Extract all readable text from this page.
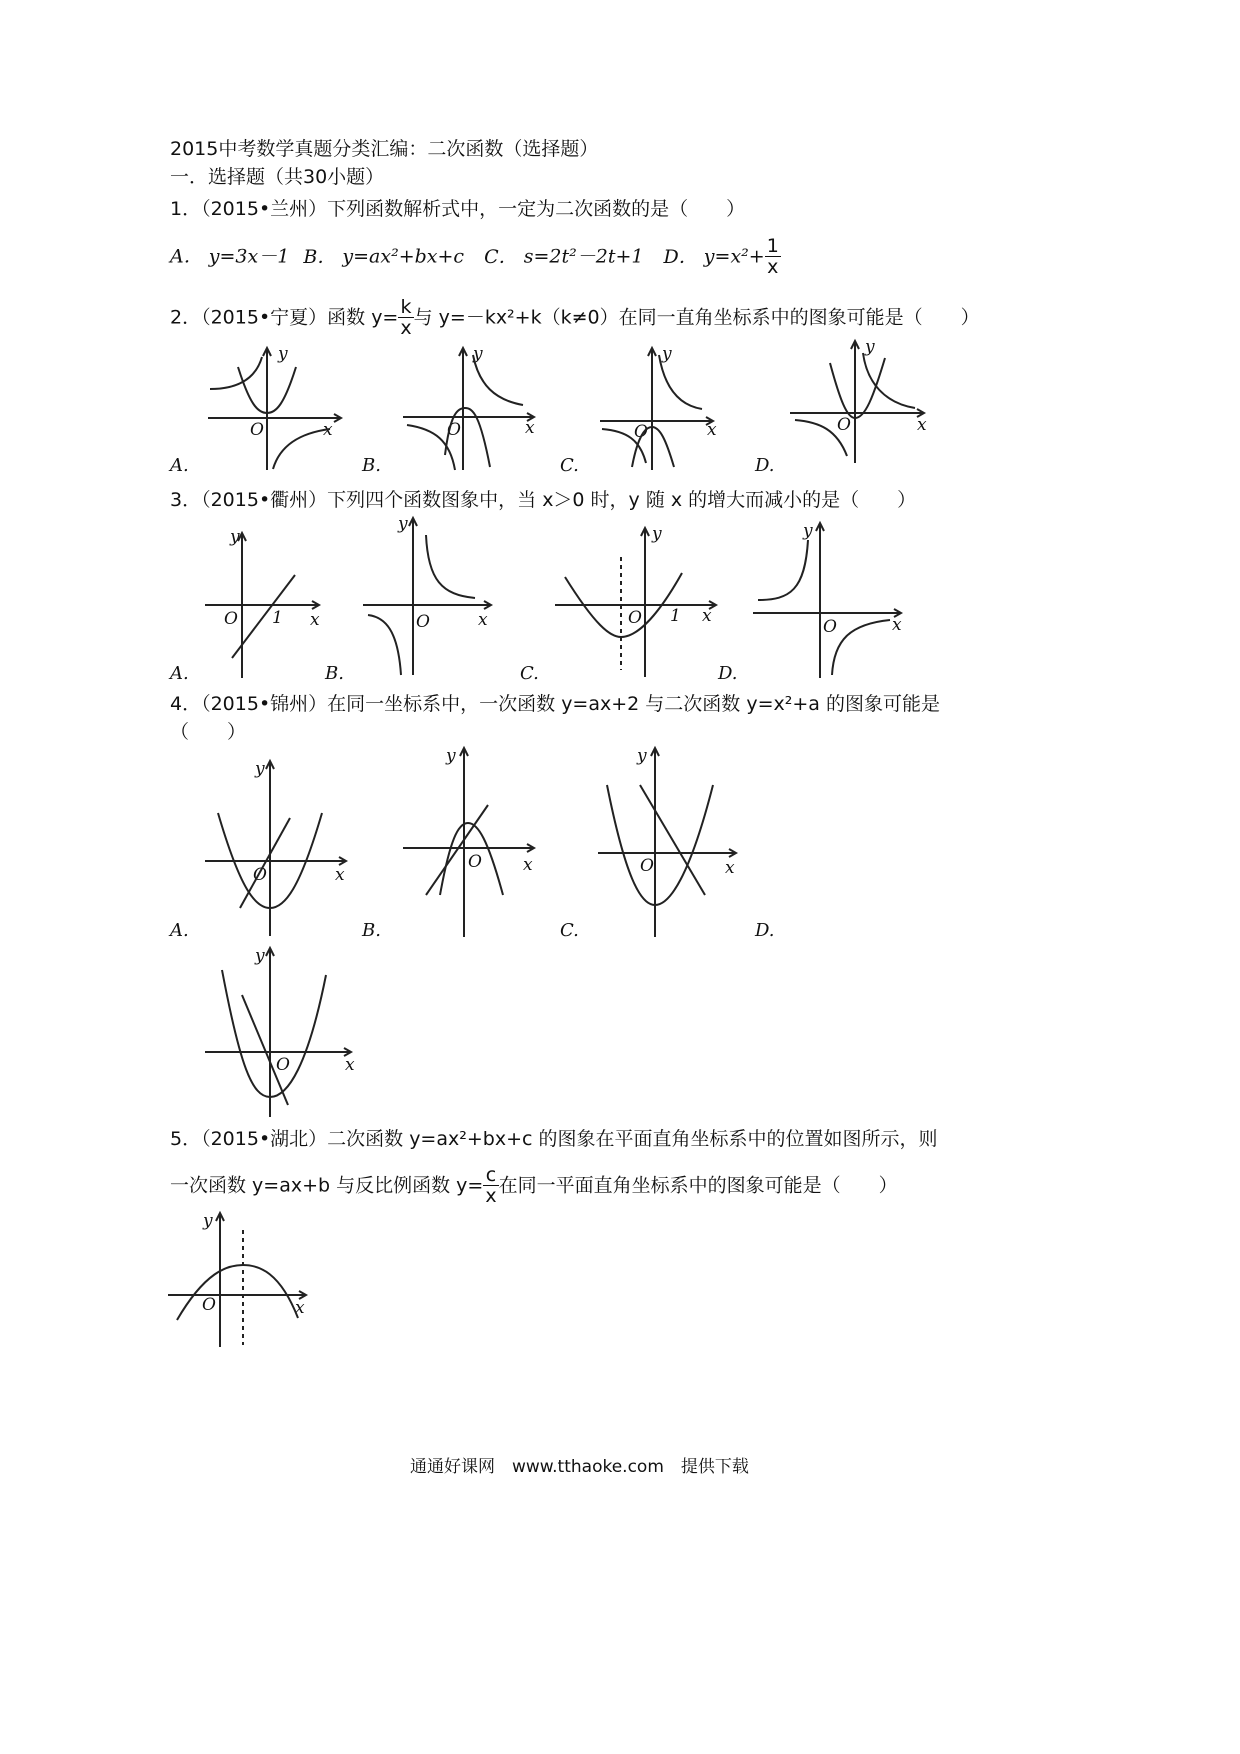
2015中考数学真题分类汇编：二次函数（选择题）
一．选择题（共30小题）
1．（2015•兰州）下列函数解析式中，一定为二次函数的是（　　）
A． y=3x－1 B． y=ax²+bx+c C． s=2t²－2t+1 D． $y=x^2+ \frac{1}{x}$
2．（2015•宁夏）函数 $y= \frac{k}{x}$ 与 y=－kx²+k（k≠0）在同一直角坐标系中的图象可能是（　　）
y
x
O
A.
y
x
O
B.
y
x
O
C.
y
x
O
D.
3．（2015•衢州）下列四个函数图象中，当 x＞0 时，y 随 x 的增大而减小的是（　　）
y
x
O 1
A.
y
x
O
B.
y
x
O 1
C.
y
x
O
D.
4．（2015•锦州）在同一坐标系中，一次函数 y=ax+2 与二次函数 y=x²+a 的图象可能是
（　　）
y
x
O
A.
y
x
O
B.
y
x
O
C.	D.
y
x
O
5．（2015•湖北）二次函数 y=ax²+bx+c 的图象在平面直角坐标系中的位置如图所示，则
一次函数 y=ax+b 与反比例函数 $y= \frac{c}{x}$ 在同一平面直角坐标系中的图象可能是（　　）
y
x
O
通通好课网　www.tthaoke.com　提供下载
